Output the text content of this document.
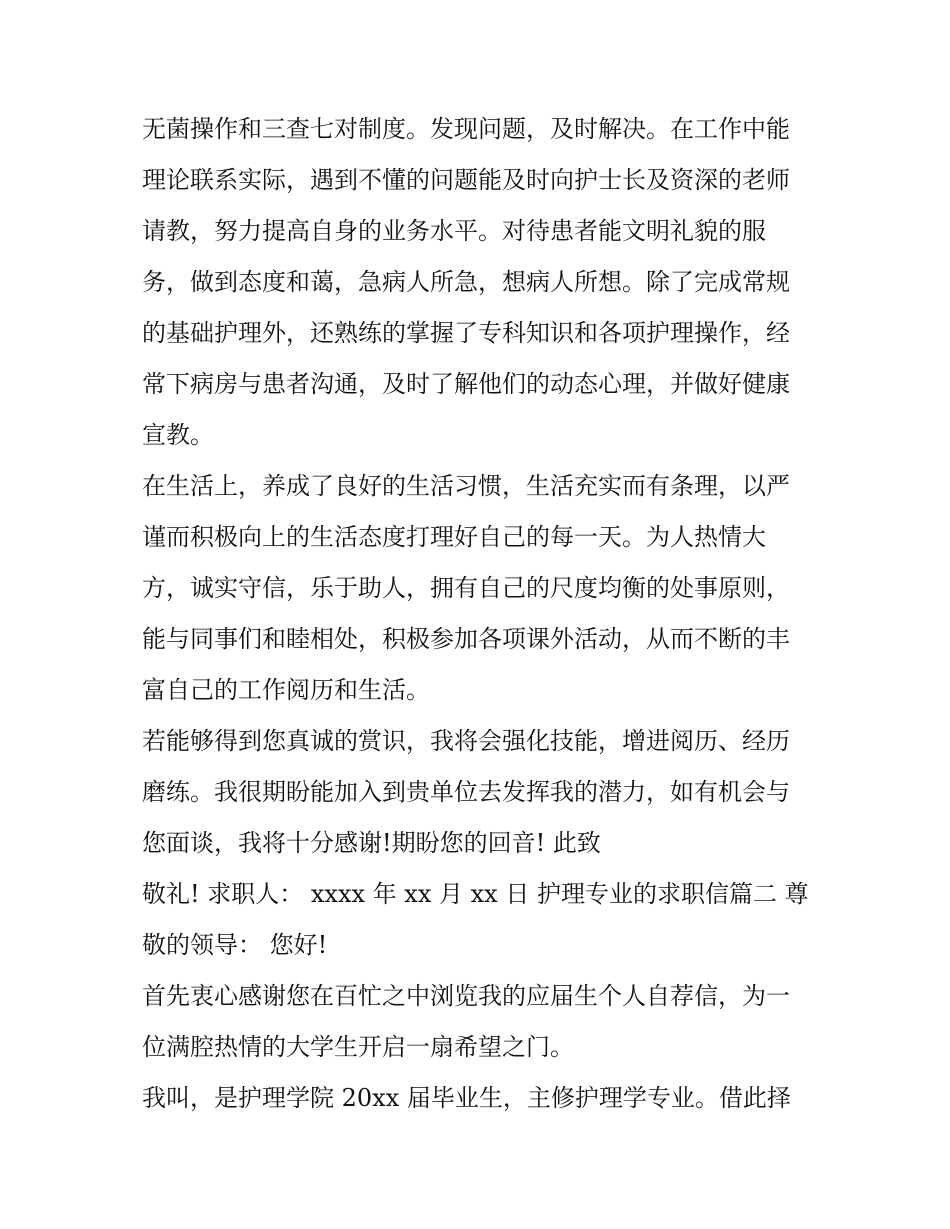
无菌操作和三查七对制度。发现问题，及时解决。在工作中能
理论联系实际，遇到不懂的问题能及时向护士长及资深的老师
请教，努力提高自身的业务水平。对待患者能文明礼貌的服
务，做到态度和蔼，急病人所急，想病人所想。除了完成常规
的基础护理外，还熟练的掌握了专科知识和各项护理操作，经
常下病房与患者沟通，及时了解他们的动态心理，并做好健康
宣教。
在生活上，养成了良好的生活习惯，生活充实而有条理，以严
谨而积极向上的生活态度打理好自己的每一天。为人热情大
方，诚实守信，乐于助人，拥有自己的尺度均衡的处事原则，
能与同事们和睦相处，积极参加各项课外活动，从而不断的丰
富自己的工作阅历和生活。
若能够得到您真诚的赏识，我将会强化技能，增进阅历、经历
磨练。我很期盼能加入到贵单位去发挥我的潜力，如有机会与
您面谈，我将十分感谢!期盼您的回音! 此致
敬礼! 求职人： xxxx 年 xx 月 xx 日 护理专业的求职信篇二 尊
敬的领导： 您好!
首先衷心感谢您在百忙之中浏览我的应届生个人自荐信，为一
位满腔热情的大学生开启一扇希望之门。
我叫，是护理学院 20xx 届毕业生，主修护理学专业。借此择
